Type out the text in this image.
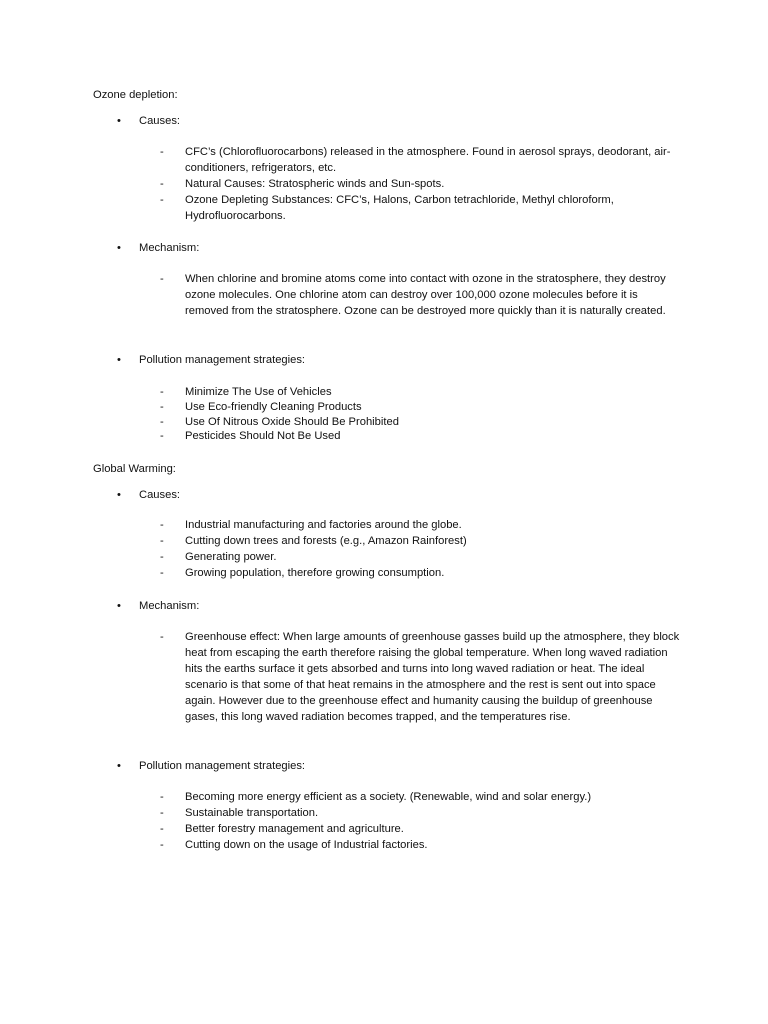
Ozone depletion:
• Causes:
- CFC’s (Chlorofluorocarbons) released in the atmosphere. Found in aerosol sprays, deodorant, air-conditioners, refrigerators, etc.
- Natural Causes: Stratospheric winds and Sun-spots.
- Ozone Depleting Substances: CFC’s, Halons, Carbon tetrachloride, Methyl chloroform, Hydrofluorocarbons.
• Mechanism:
- When chlorine and bromine atoms come into contact with ozone in the stratosphere, they destroy ozone molecules. One chlorine atom can destroy over 100,000 ozone molecules before it is removed from the stratosphere. Ozone can be destroyed more quickly than it is naturally created.
• Pollution management strategies:
- Minimize The Use of Vehicles
- Use Eco-friendly Cleaning Products
- Use Of Nitrous Oxide Should Be Prohibited
- Pesticides Should Not Be Used
Global Warming:
• Causes:
- Industrial manufacturing and factories around the globe.
- Cutting down trees and forests (e.g., Amazon Rainforest)
- Generating power.
- Growing population, therefore growing consumption.
• Mechanism:
- Greenhouse effect: When large amounts of greenhouse gasses build up the atmosphere, they block heat from escaping the earth therefore raising the global temperature. When long waved radiation hits the earths surface it gets absorbed and turns into long waved radiation or heat. The ideal scenario is that some of that heat remains in the atmosphere and the rest is sent out into space again. However due to the greenhouse effect and humanity causing the buildup of greenhouse gases, this long waved radiation becomes trapped, and the temperatures rise.
• Pollution management strategies:
- Becoming more energy efficient as a society. (Renewable, wind and solar energy.)
- Sustainable transportation.
- Better forestry management and agriculture.
- Cutting down on the usage of Industrial factories.
